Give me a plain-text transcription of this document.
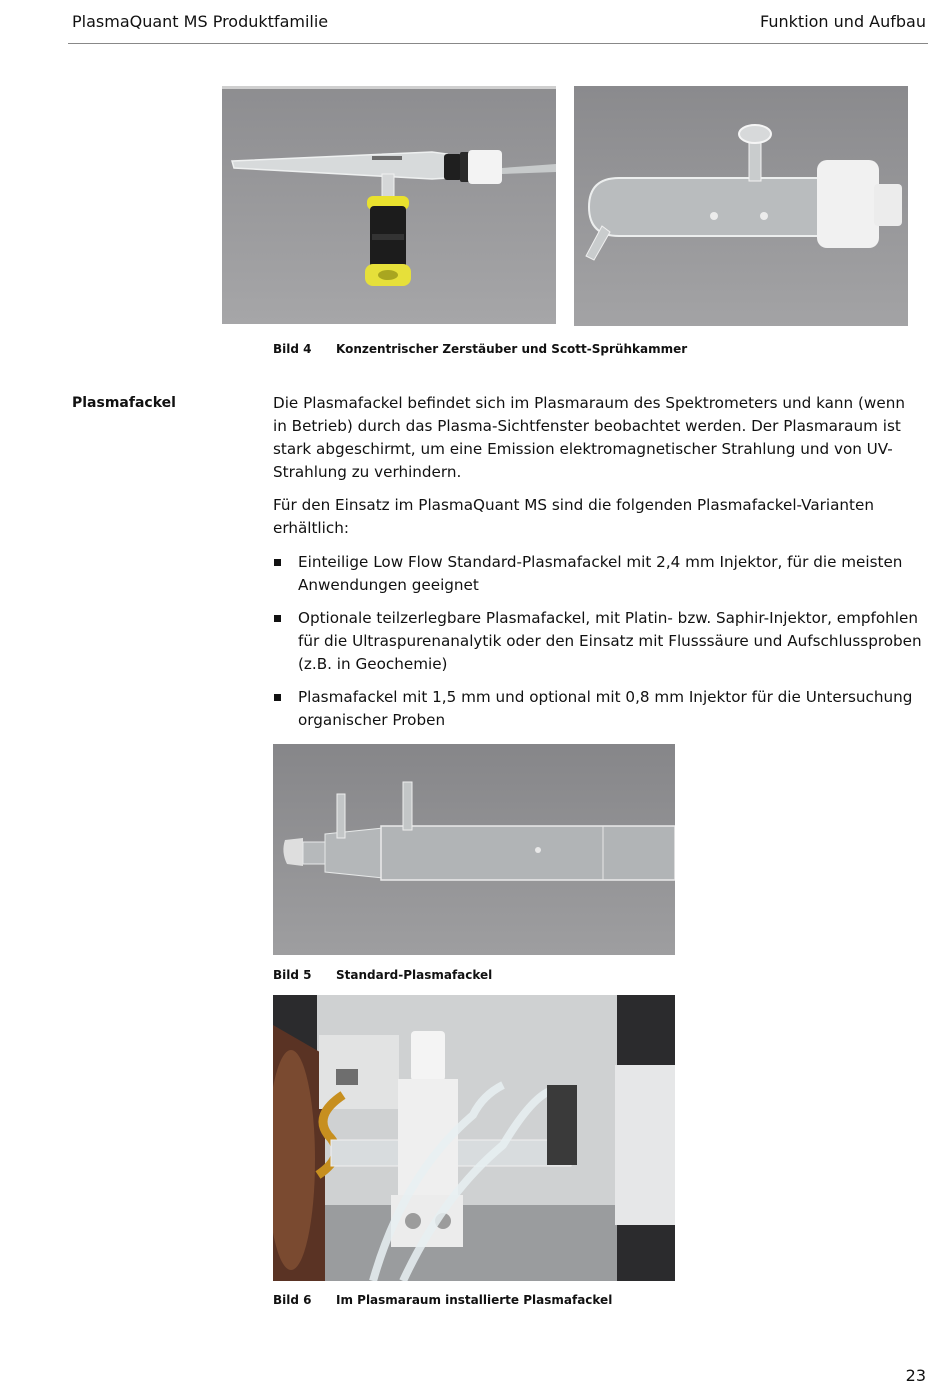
PlasmaQuant MS Produktfamilie	Funktion und Aufbau
Bild 4 Konzentrischer Zerstäuber und Scott-Sprühkammer
Plasmafackel	Die Plasmafackel befindet sich im Plasmaraum des Spektrometers und kann (wenn in Betrieb) durch das Plasma-Sichtfenster beobachtet werden. Der Plasmaraum ist stark abgeschirmt, um eine Emission elektromagnetischer Strahlung und von UV-Strahlung zu verhindern.
Für den Einsatz im PlasmaQuant MS sind die folgenden Plasmafackel-Varianten erhältlich:
Einteilige Low Flow Standard-Plasmafackel mit 2,4 mm Injektor, für die meisten Anwendungen geeignet
Optionale teilzerlegbare Plasmafackel, mit Platin- bzw. Saphir-Injektor, empfohlen für die Ultraspurenanalytik oder den Einsatz mit Flusssäure und Aufschlussproben (z.B. in Geochemie)
Plasmafackel mit 1,5 mm und optional mit 0,8 mm Injektor für die Untersuchung organischer Proben
Bild 5 Standard-Plasmafackel
Bild 6 Im Plasmaraum installierte Plasmafackel
23
